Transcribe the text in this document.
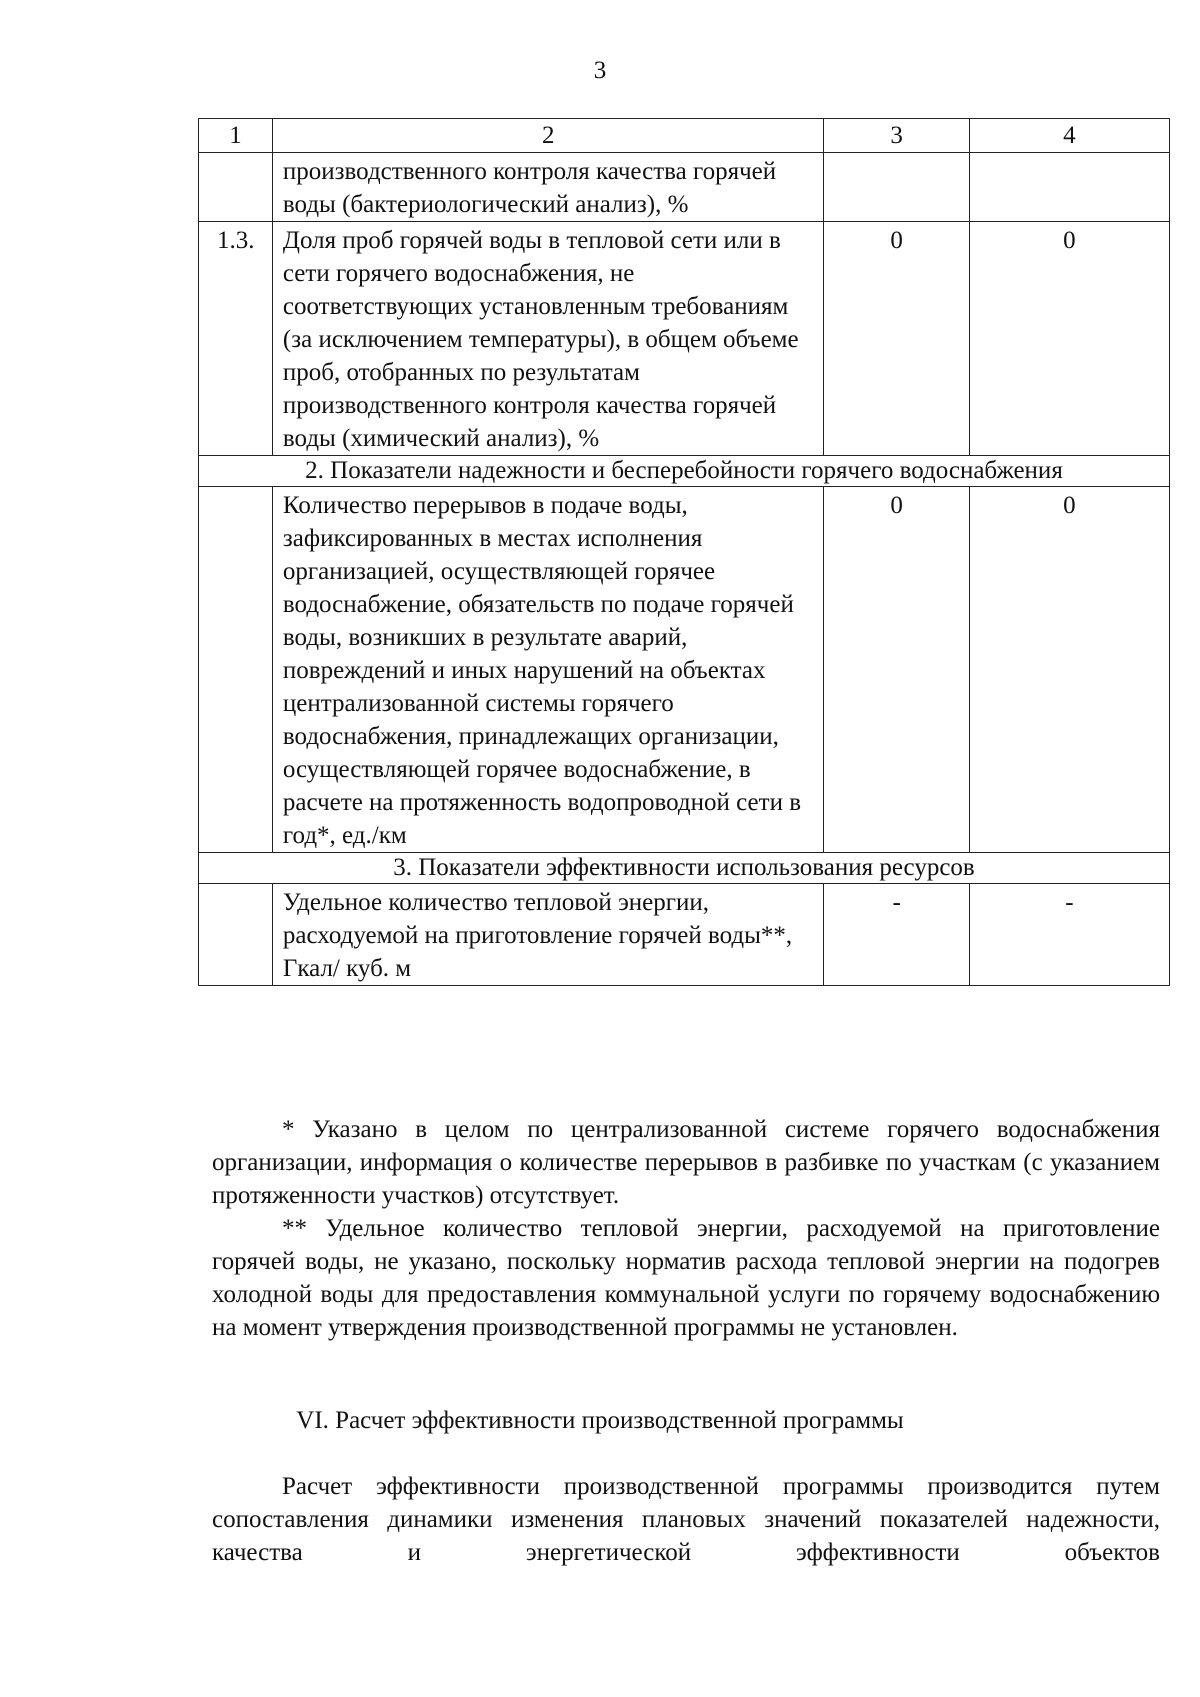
3
1	2	3	4
	производственного контроля качества горячей воды (бактериологический анализ), %		
1.3.	Доля проб горячей воды в тепловой сети или в сети горячего водоснабжения, не соответствующих установленным требованиям (за исключением температуры), в общем объеме проб, отобранных по результатам производственного контроля качества горячей воды (химический анализ), %	0	0
2. Показатели надежности и бесперебойности горячего водоснабжения			
	Количество перерывов в подаче воды, зафиксированных в местах исполнения организацией, осуществляющей горячее водоснабжение, обязательств по подаче горячей воды, возникших в результате аварий, повреждений и иных нарушений на объектах централизованной системы горячего водоснабжения, принадлежащих организации, осуществляющей горячее водоснабжение, в расчете на протяженность водопроводной сети в год*, ед./км	0	0
3. Показатели эффективности использования ресурсов			
	Удельное количество тепловой энергии, расходуемой на приготовление горячей воды**, Гкал/ куб. м	-	-

* Указано в целом по централизованной системе горячего водоснабжения организации, информация о количестве перерывов в разбивке по участкам (с указанием протяженности участков) отсутствует.

** Удельное количество тепловой энергии, расходуемой на приготовление горячей воды, не указано, поскольку норматив расхода тепловой энергии на подогрев холодной воды для предоставления коммунальной услуги по горячему водоснабжению на момент утверждения производственной программы не установлен.

VI. Расчет эффективности производственной программы

Расчет эффективности производственной программы производится путем сопоставления динамики изменения плановых значений показателей надежности, качества и энергетической эффективности объектов
